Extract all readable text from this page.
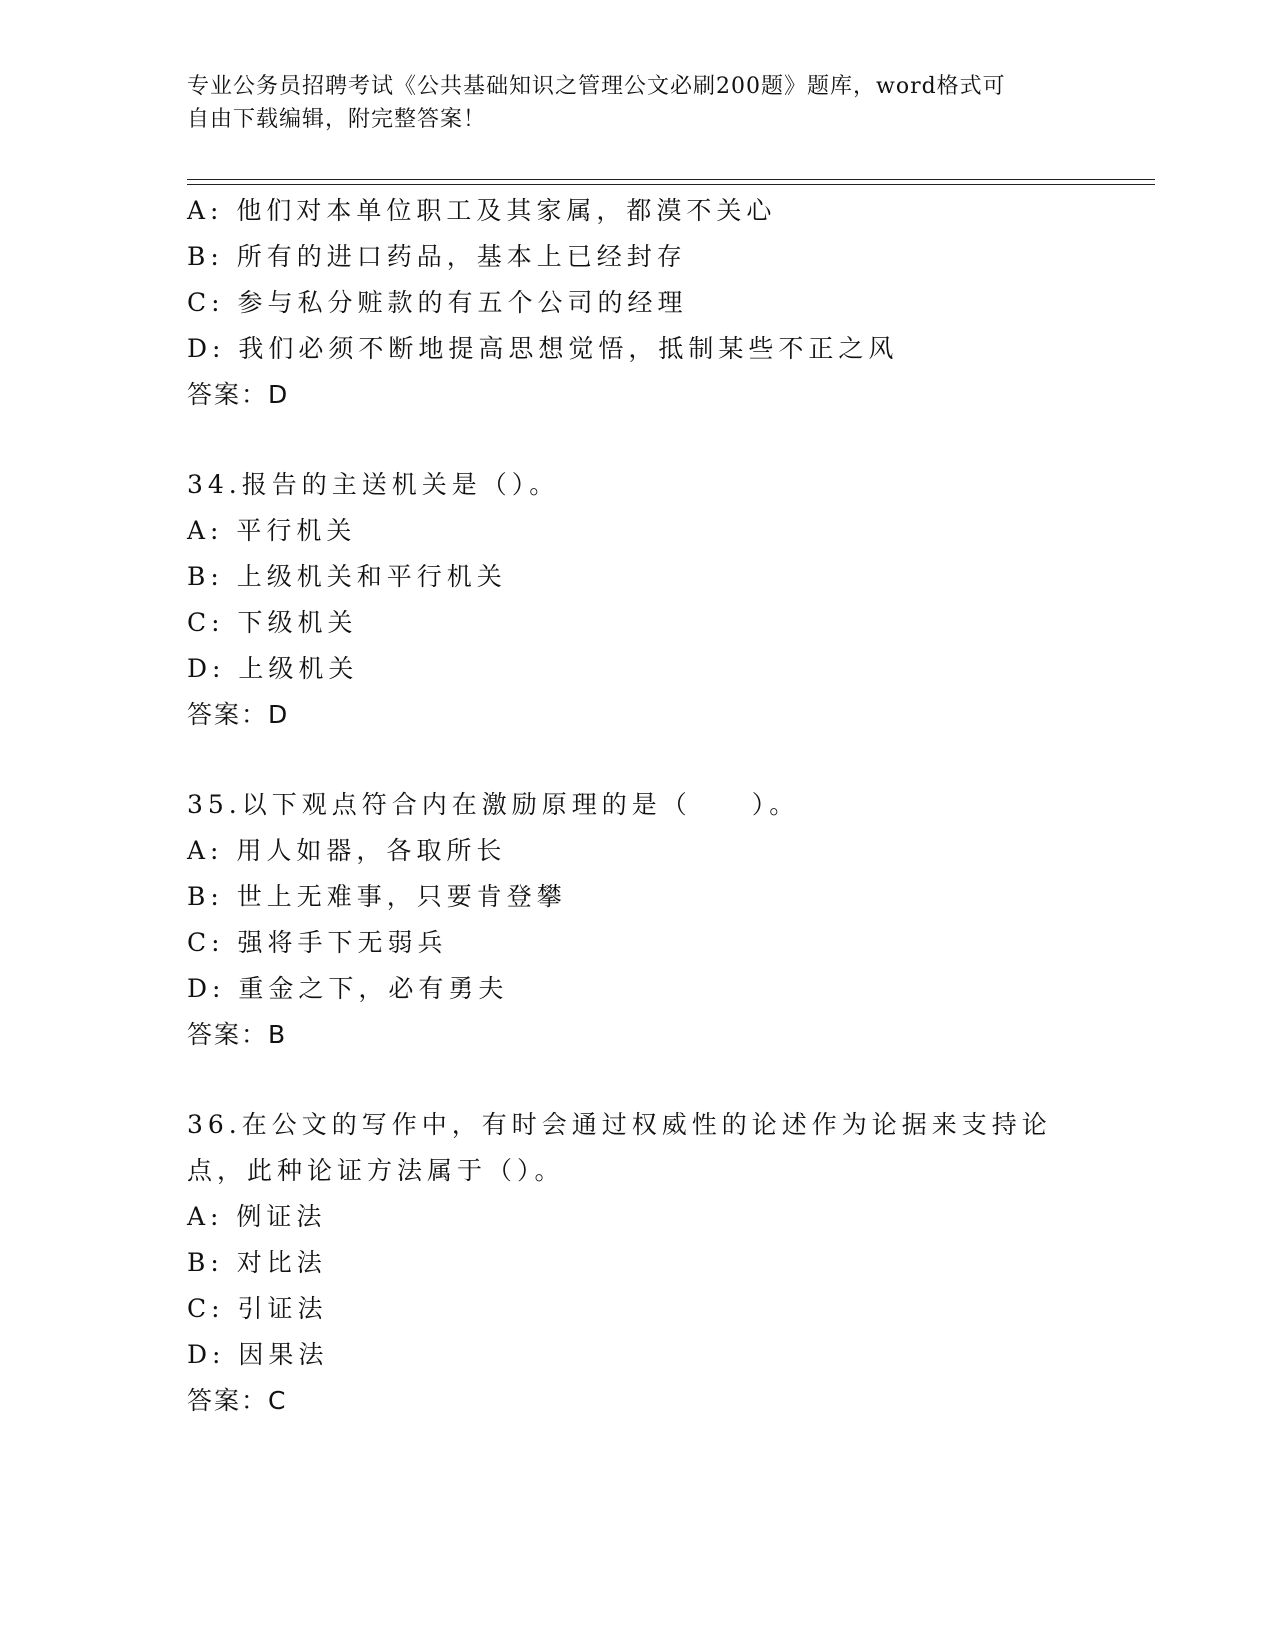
专业公务员招聘考试《公共基础知识之管理公文必刷200题》题库，word格式可

自由下载编辑，附完整答案！

A: 他们对本单位职工及其家属，都漠不关心
B: 所有的进口药品，基本上已经封存
C: 参与私分赃款的有五个公司的经理
D: 我们必须不断地提高思想觉悟，抵制某些不正之风
答案：D
34.报告的主送机关是（）。
A: 平行机关
B: 上级机关和平行机关
C: 下级机关
D: 上级机关
答案：D
35.以下观点符合内在激励原理的是（　　）。
A: 用人如器，各取所长
B: 世上无难事，只要肯登攀
C: 强将手下无弱兵
D: 重金之下，必有勇夫
答案：B
36.在公文的写作中，有时会通过权威性的论述作为论据来支持论点，此种论证方法属于（）。
A: 例证法
B: 对比法
C: 引证法
D: 因果法
答案：C
